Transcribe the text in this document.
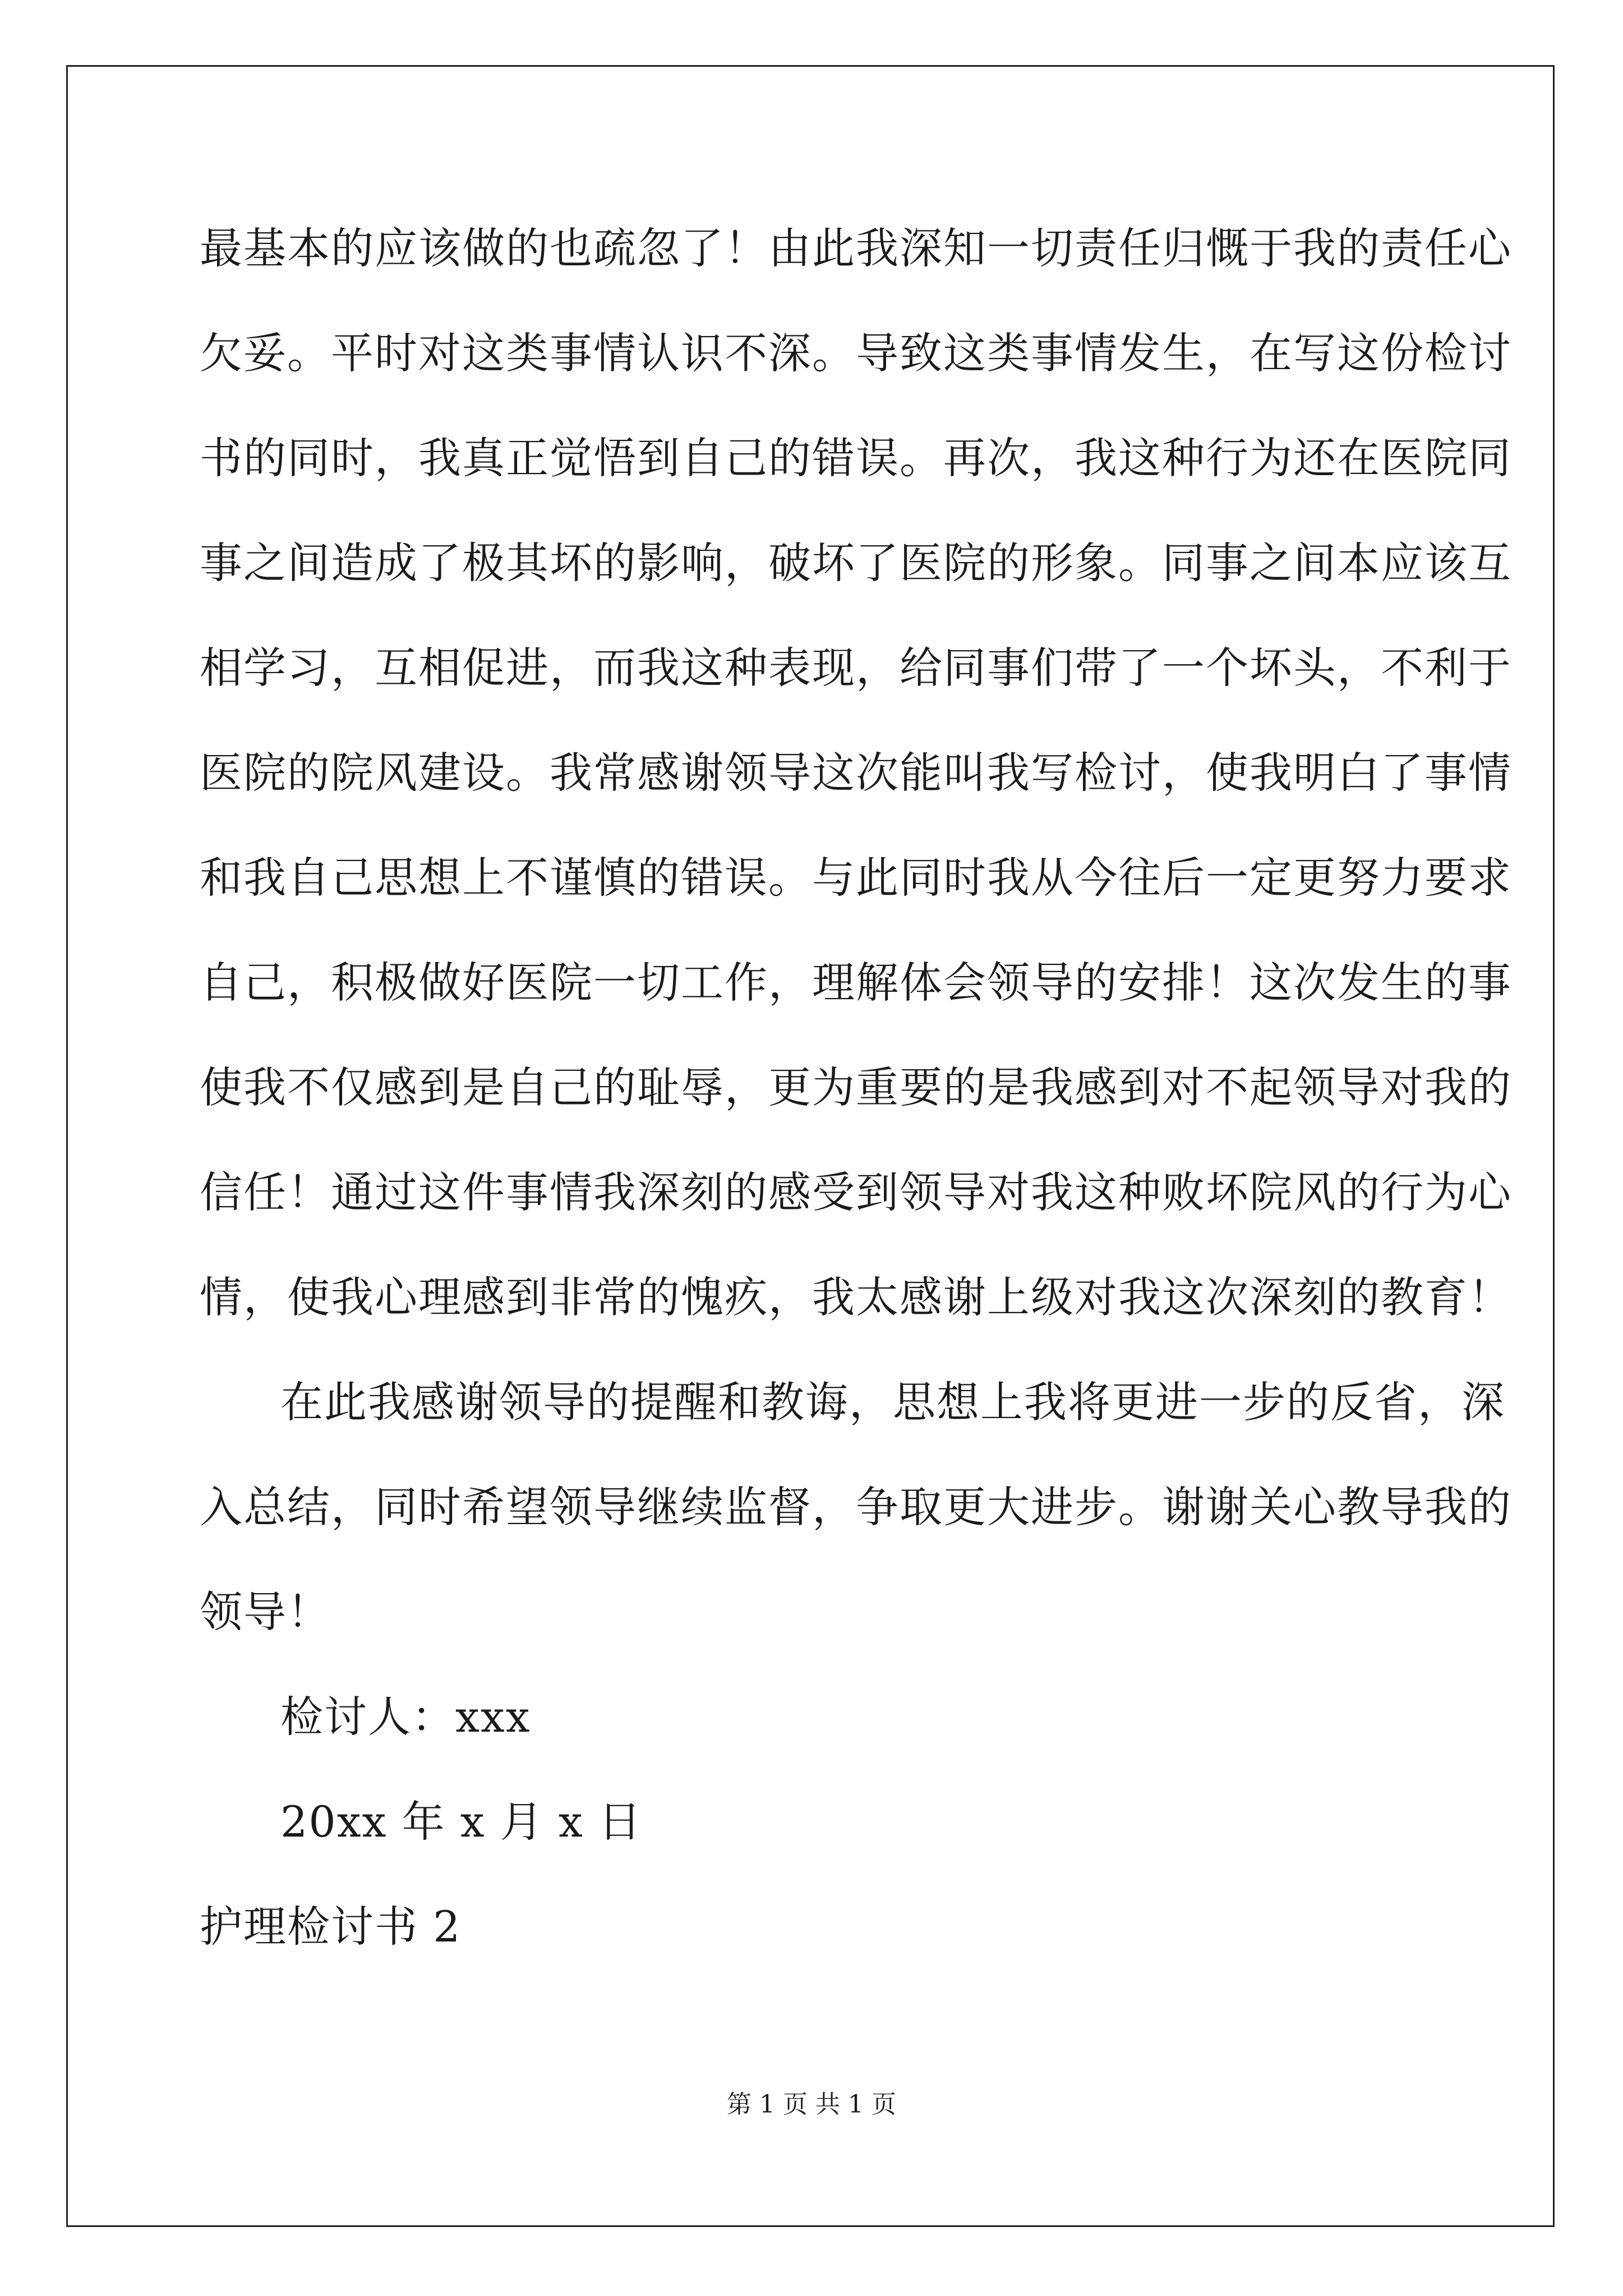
最基本的应该做的也疏忽了！由此我深知一切责任归慨于我的责任心
欠妥。平时对这类事情认识不深。导致这类事情发生，在写这份检讨
书的同时，我真正觉悟到自己的错误。再次，我这种行为还在医院同
事之间造成了极其坏的影响，破坏了医院的形象。同事之间本应该互
相学习，互相促进，而我这种表现，给同事们带了一个坏头，不利于
医院的院风建设。我常感谢领导这次能叫我写检讨，使我明白了事情
和我自己思想上不谨慎的错误。与此同时我从今往后一定更努力要求
自己，积极做好医院一切工作，理解体会领导的安排！这次发生的事
使我不仅感到是自己的耻辱，更为重要的是我感到对不起领导对我的
信任！通过这件事情我深刻的感受到领导对我这种败坏院风的行为心
情，使我心理感到非常的愧疚，我太感谢上级对我这次深刻的教育！
在此我感谢领导的提醒和教诲，思想上我将更进一步的反省，深
入总结，同时希望领导继续监督，争取更大进步。谢谢关心教导我的
领导！
检讨人：xxx
20xx 年 x 月 x 日
护理检讨书 2
第 1 页 共 1 页
